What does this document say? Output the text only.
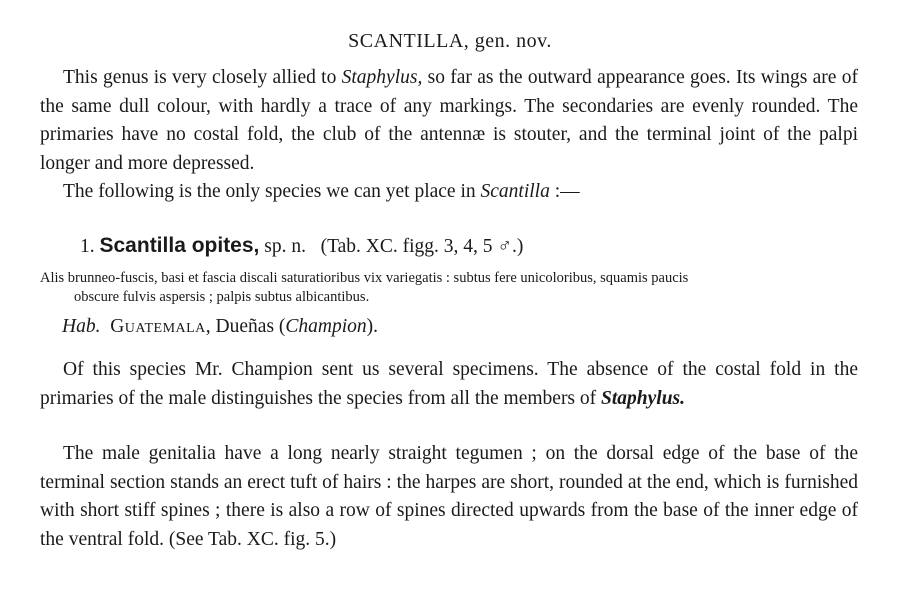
SCANTILLA, gen. nov.
This genus is very closely allied to Staphylus, so far as the outward appearance goes. Its wings are of the same dull colour, with hardly a trace of any markings. The secondaries are evenly rounded. The primaries have no costal fold, the club of the antennæ is stouter, and the terminal joint of the palpi longer and more depressed.
The following is the only species we can yet place in Scantilla :—
1. Scantilla opites, sp. n. (Tab. XC. figg. 3, 4, 5 ♂.)
Alis brunneo-fuscis, basi et fascia discali saturatioribus vix variegatis : subtus fere unicoloribus, squamis paucis
obscure fulvis aspersis ; palpis subtus albicantibus.
Hab. Guatemala, Dueñas (Champion).
Of this species Mr. Champion sent us several specimens. The absence of the costal fold in the primaries of the male distinguishes the species from all the members of Staphylus.
The male genitalia have a long nearly straight tegumen ; on the dorsal edge of the base of the terminal section stands an erect tuft of hairs : the harpes are short, rounded at the end, which is furnished with short stiff spines ; there is also a row of spines directed upwards from the base of the inner edge of the ventral fold. (See Tab. XC. fig. 5.)
